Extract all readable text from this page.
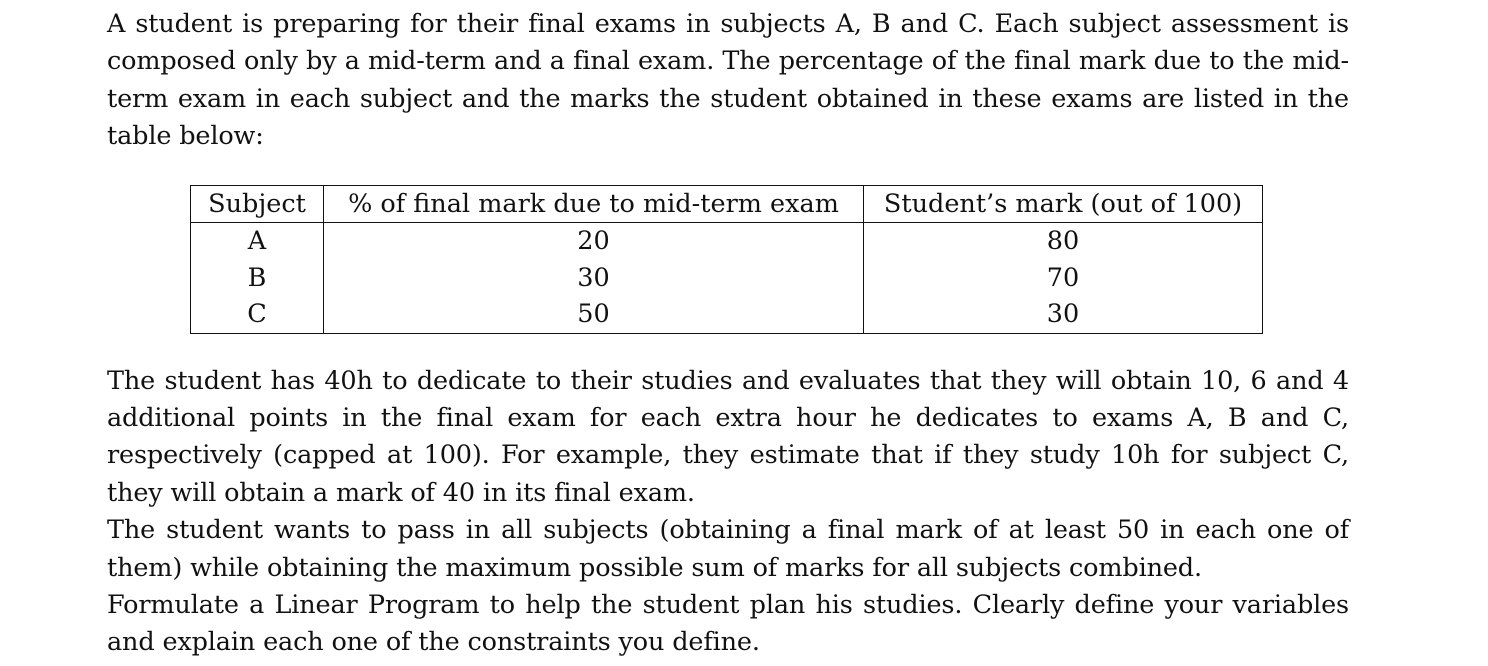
A student is preparing for their final exams in subjects A, B and C. Each subject assessment is composed only by a mid-term and a final exam. The percentage of the final mark due to the mid-term exam in each subject and the marks the student obtained in these exams are listed in the table below:

Subject	% of final mark due to mid-term exam	Student’s mark (out of 100)
A	20	80
B	30	70
C	50	30

The student has 40h to dedicate to their studies and evaluates that they will obtain 10, 6 and 4 additional points in the final exam for each extra hour he dedicates to exams A, B and C, respectively (capped at 100). For example, they estimate that if they study 10h for subject C, they will obtain a mark of 40 in its final exam.

The student wants to pass in all subjects (obtaining a final mark of at least 50 in each one of them) while obtaining the maximum possible sum of marks for all subjects combined.

Formulate a Linear Program to help the student plan his studies. Clearly define your variables and explain each one of the constraints you define.
